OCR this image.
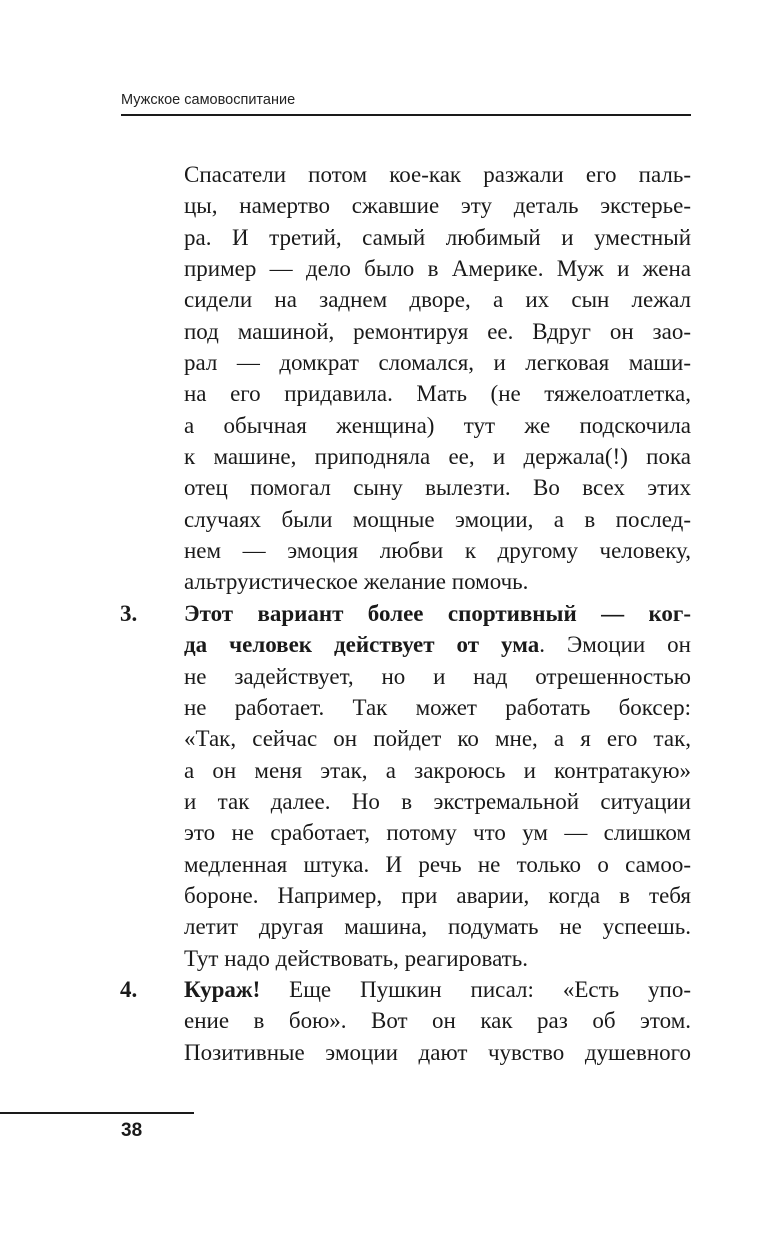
Мужское самовоспитание
Спасатели потом кое-как разжали его паль-
цы, намертво сжавшие эту деталь экстерье-
ра. И третий, самый любимый и уместный
пример — дело было в Америке. Муж и жена
сидели на заднем дворе, а их сын лежал
под машиной, ремонтируя ее. Вдруг он зао-
рал — домкрат сломался, и легковая маши-
на его придавила. Мать (не тяжелоатлетка,
а обычная женщина) тут же подскочила
к машине, приподняла ее, и держала(!) пока
отец помогал сыну вылезти. Во всех этих
случаях были мощные эмоции, а в послед-
нем — эмоция любви к другому человеку,
альтруистическое желание помочь.
3. Этот вариант более спортивный — ког-
да человек действует от ума. Эмоции он
не задействует, но и над отрешенностью
не работает. Так может работать боксер:
«Так, сейчас он пойдет ко мне, а я его так,
а он меня этак, а закроюсь и контратакую»
и так далее. Но в экстремальной ситуации
это не сработает, потому что ум — слишком
медленная штука. И речь не только о самоо-
бороне. Например, при аварии, когда в тебя
летит другая машина, подумать не успеешь.
Тут надо действовать, реагировать.
4. Кураж! Еще Пушкин писал: «Есть упо-
ение в бою». Вот он как раз об этом.
Позитивные эмоции дают чувство душевного
38
